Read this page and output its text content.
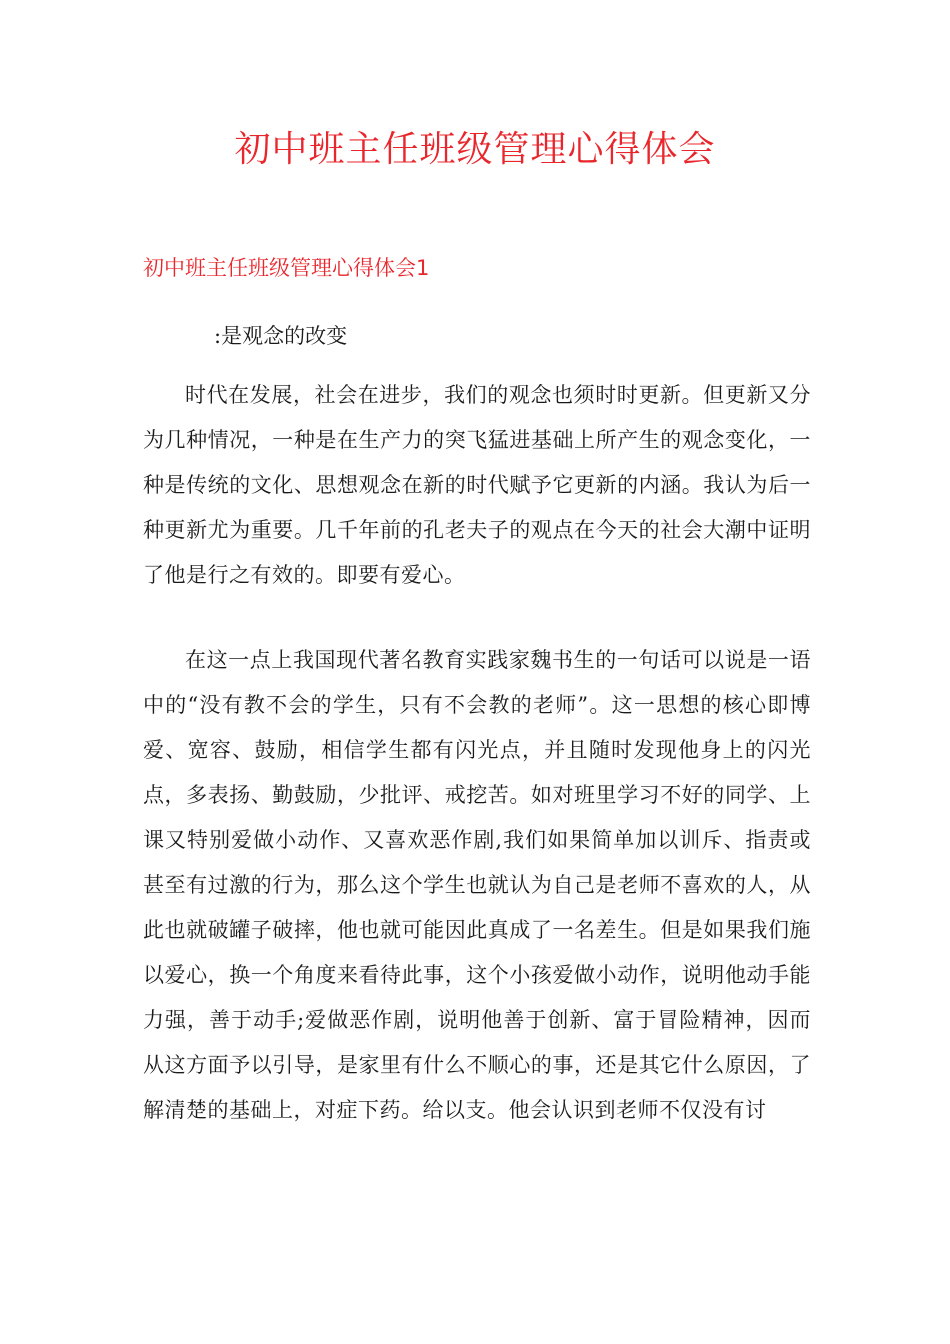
初中班主任班级管理心得体会
初中班主任班级管理心得体会1

:是观念的改变

时代在发展，社会在进步，我们的观念也须时时更新。但更新又分为几种情况，一种是在生产力的突飞猛进基础上所产生的观念变化，一种是传统的文化、思想观念在新的时代赋予它更新的内涵。我认为后一种更新尤为重要。几千年前的孔老夫子的观点在今天的社会大潮中证明了他是行之有效的。即要有爱心。

在这一点上我国现代著名教育实践家魏书生的一句话可以说是一语中的“没有教不会的学生，只有不会教的老师”。这一思想的核心即博爱、宽容、鼓励，相信学生都有闪光点，并且随时发现他身上的闪光点，多表扬、勤鼓励，少批评、戒挖苦。如对班里学习不好的同学、上课又特别爱做小动作、又喜欢恶作剧,我们如果简单加以训斥、指责或甚至有过激的行为，那么这个学生也就认为自己是老师不喜欢的人，从此也就破罐子破摔，他也就可能因此真成了一名差生。但是如果我们施以爱心，换一个角度来看待此事，这个小孩爱做小动作，说明他动手能力强，善于动手;爱做恶作剧，说明他善于创新、富于冒险精神，因而从这方面予以引导，是家里有什么不顺心的事，还是其它什么原因，了解清楚的基础上，对症下药。给以支。他会认识到老师不仅没有讨
